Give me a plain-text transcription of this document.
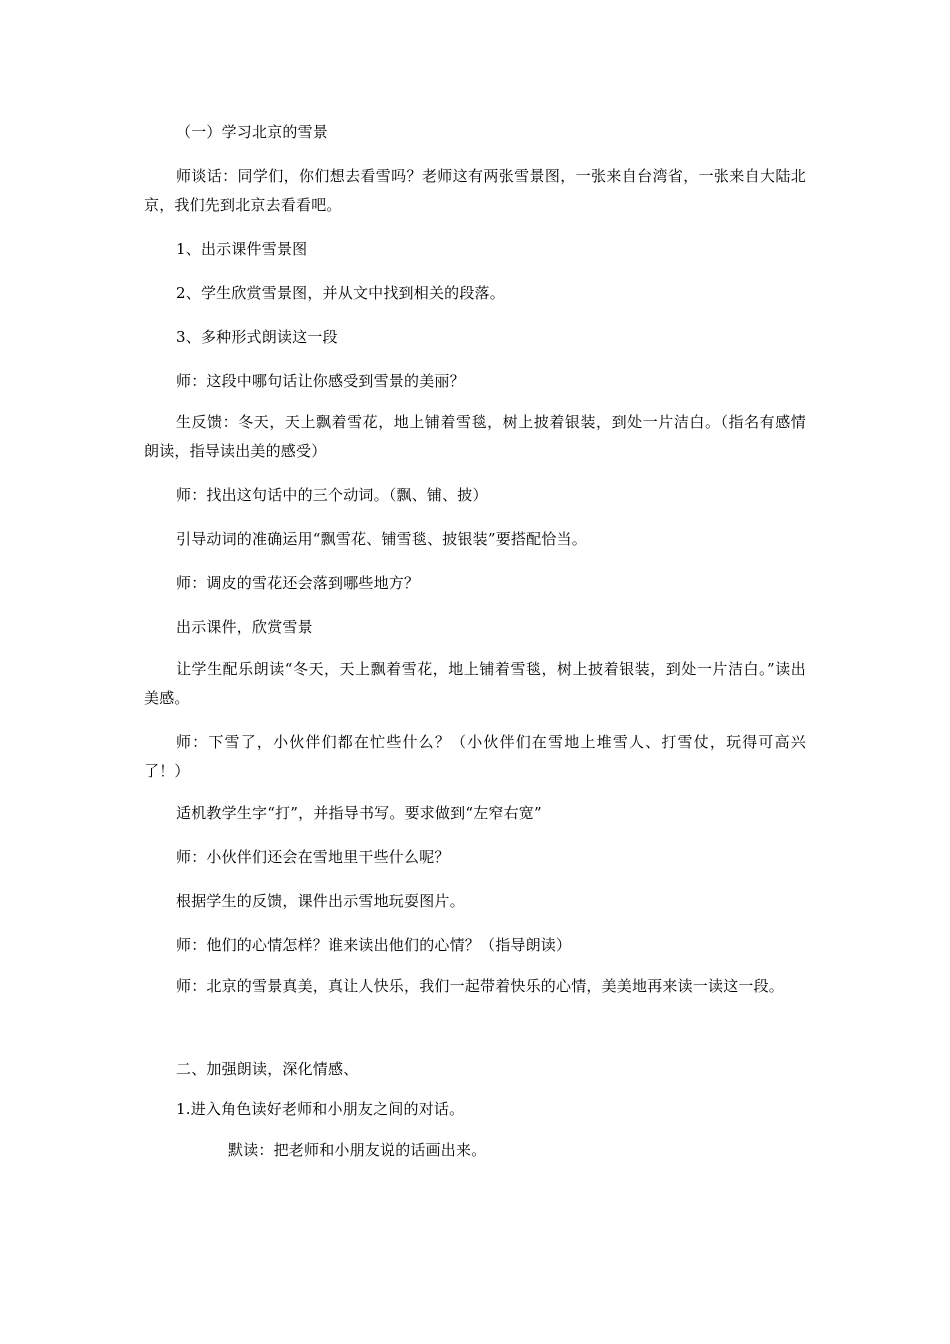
（一）学习北京的雪景

师谈话：同学们，你们想去看雪吗？老师这有两张雪景图，一张来自台湾省，一张来自大陆北京，我们先到北京去看看吧。

1、出示课件雪景图

2、学生欣赏雪景图，并从文中找到相关的段落。

3、多种形式朗读这一段

师：这段中哪句话让你感受到雪景的美丽？

生反馈：冬天，天上飘着雪花，地上铺着雪毯，树上披着银装，到处一片洁白。（指名有感情朗读，指导读出美的感受）

师：找出这句话中的三个动词。（飘、铺、披）

引导动词的准确运用“飘雪花、铺雪毯、披银装”要搭配恰当。

师：调皮的雪花还会落到哪些地方？

出示课件，欣赏雪景

让学生配乐朗读“冬天，天上飘着雪花，地上铺着雪毯，树上披着银装，到处一片洁白。”读出美感。

师：下雪了，小伙伴们都在忙些什么？（小伙伴们在雪地上堆雪人、打雪仗，玩得可高兴了！）

适机教学生字“打”，并指导书写。要求做到“左窄右宽”

师：小伙伴们还会在雪地里干些什么呢？

根据学生的反馈，课件出示雪地玩耍图片。

师：他们的心情怎样？谁来读出他们的心情？（指导朗读）

师：北京的雪景真美，真让人快乐，我们一起带着快乐的心情，美美地再来读一读这一段。

二、加强朗读，深化情感、

1.进入角色读好老师和小朋友之间的对话。

默读：把老师和小朋友说的话画出来。
